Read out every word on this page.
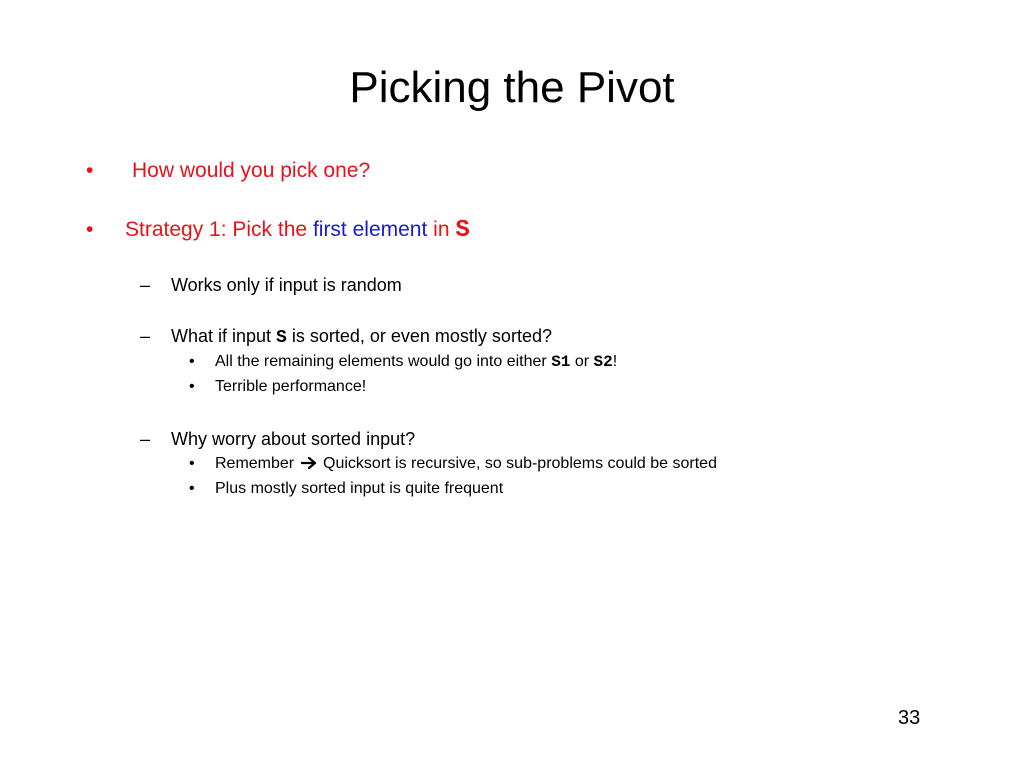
Picking the Pivot
• How would you pick one?
• Strategy 1: Pick the first element in S
– Works only if input is random
– What if input S is sorted, or even mostly sorted?
• All the remaining elements would go into either S1 or S2!
• Terrible performance!
– Why worry about sorted input?
• Remember  Quicksort is recursive, so sub-problems could be sorted
• Plus mostly sorted input is quite frequent
33
